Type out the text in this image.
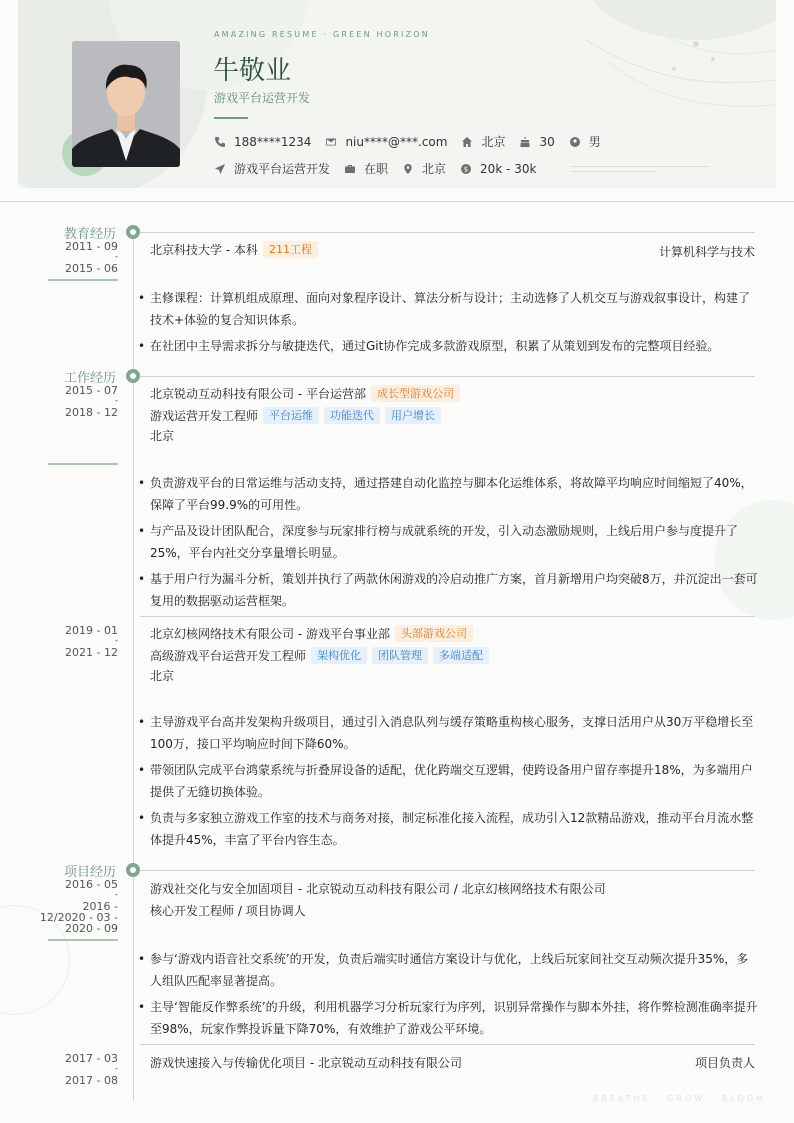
AMAZING RESUME · GREEN HORIZON
牛敬业
游戏平台运营开发
188****1234	niu****@***.com	北京	30	男
游戏平台运营开发	在职	北京	$ 20k - 30k
教育经历
2011 - 09
-
2015 - 06
北京科技大学 - 本科	211工程	计算机科学与技术
• 主修课程：计算机组成原理、面向对象程序设计、算法分析与设计；主动选修了人机交互与游戏叙事设计，构建了技术+体验的复合知识体系。
• 在社团中主导需求拆分与敏捷迭代，通过Git协作完成多款游戏原型，积累了从策划到发布的完整项目经验。
工作经历
2015 - 07
-
2018 - 12
北京锐动互动科技有限公司 - 平台运营部	成长型游戏公司
游戏运营开发工程师	平台运维	功能迭代	用户增长
北京
• 负责游戏平台的日常运维与活动支持，通过搭建自动化监控与脚本化运维体系，将故障平均响应时间缩短了40%，保障了平台99.9%的可用性。
• 与产品及设计团队配合，深度参与玩家排行榜与成就系统的开发，引入动态激励规则，上线后用户参与度提升了25%，平台内社交分享量增长明显。
• 基于用户行为漏斗分析，策划并执行了两款休闲游戏的冷启动推广方案，首月新增用户均突破8万，并沉淀出一套可复用的数据驱动运营框架。
2019 - 01
-
2021 - 12
北京幻核网络技术有限公司 - 游戏平台事业部	头部游戏公司
高级游戏平台运营开发工程师	架构优化	团队管理	多端适配
北京
• 主导游戏平台高并发架构升级项目，通过引入消息队列与缓存策略重构核心服务，支撑日活用户从30万平稳增长至100万，接口平均响应时间下降60%。
• 带领团队完成平台鸿蒙系统与折叠屏设备的适配，优化跨端交互逻辑，使跨设备用户留存率提升18%，为多端用户提供了无缝切换体验。
• 负责与多家独立游戏工作室的技术与商务对接，制定标准化接入流程，成功引入12款精品游戏，推动平台月流水整体提升45%，丰富了平台内容生态。
项目经历
2016 - 05
-
2016 -
12/2020 - 03 -
2020 - 09
游戏社交化与安全加固项目 - 北京锐动互动科技有限公司 / 北京幻核网络技术有限公司
核心开发工程师 / 项目协调人
• 参与‘游戏内语音社交系统’的开发，负责后端实时通信方案设计与优化，上线后玩家间社交互动频次提升35%，多人组队匹配率显著提高。
• 主导‘智能反作弊系统’的升级，利用机器学习分析玩家行为序列，识别异常操作与脚本外挂，将作弊检测准确率提升至98%，玩家作弊投诉量下降70%，有效维护了游戏公平环境。
2017 - 03
-
2017 - 08
游戏快速接入与传输优化项目 - 北京锐动互动科技有限公司	项目负责人
BREATHE · GROW · BLOOM
